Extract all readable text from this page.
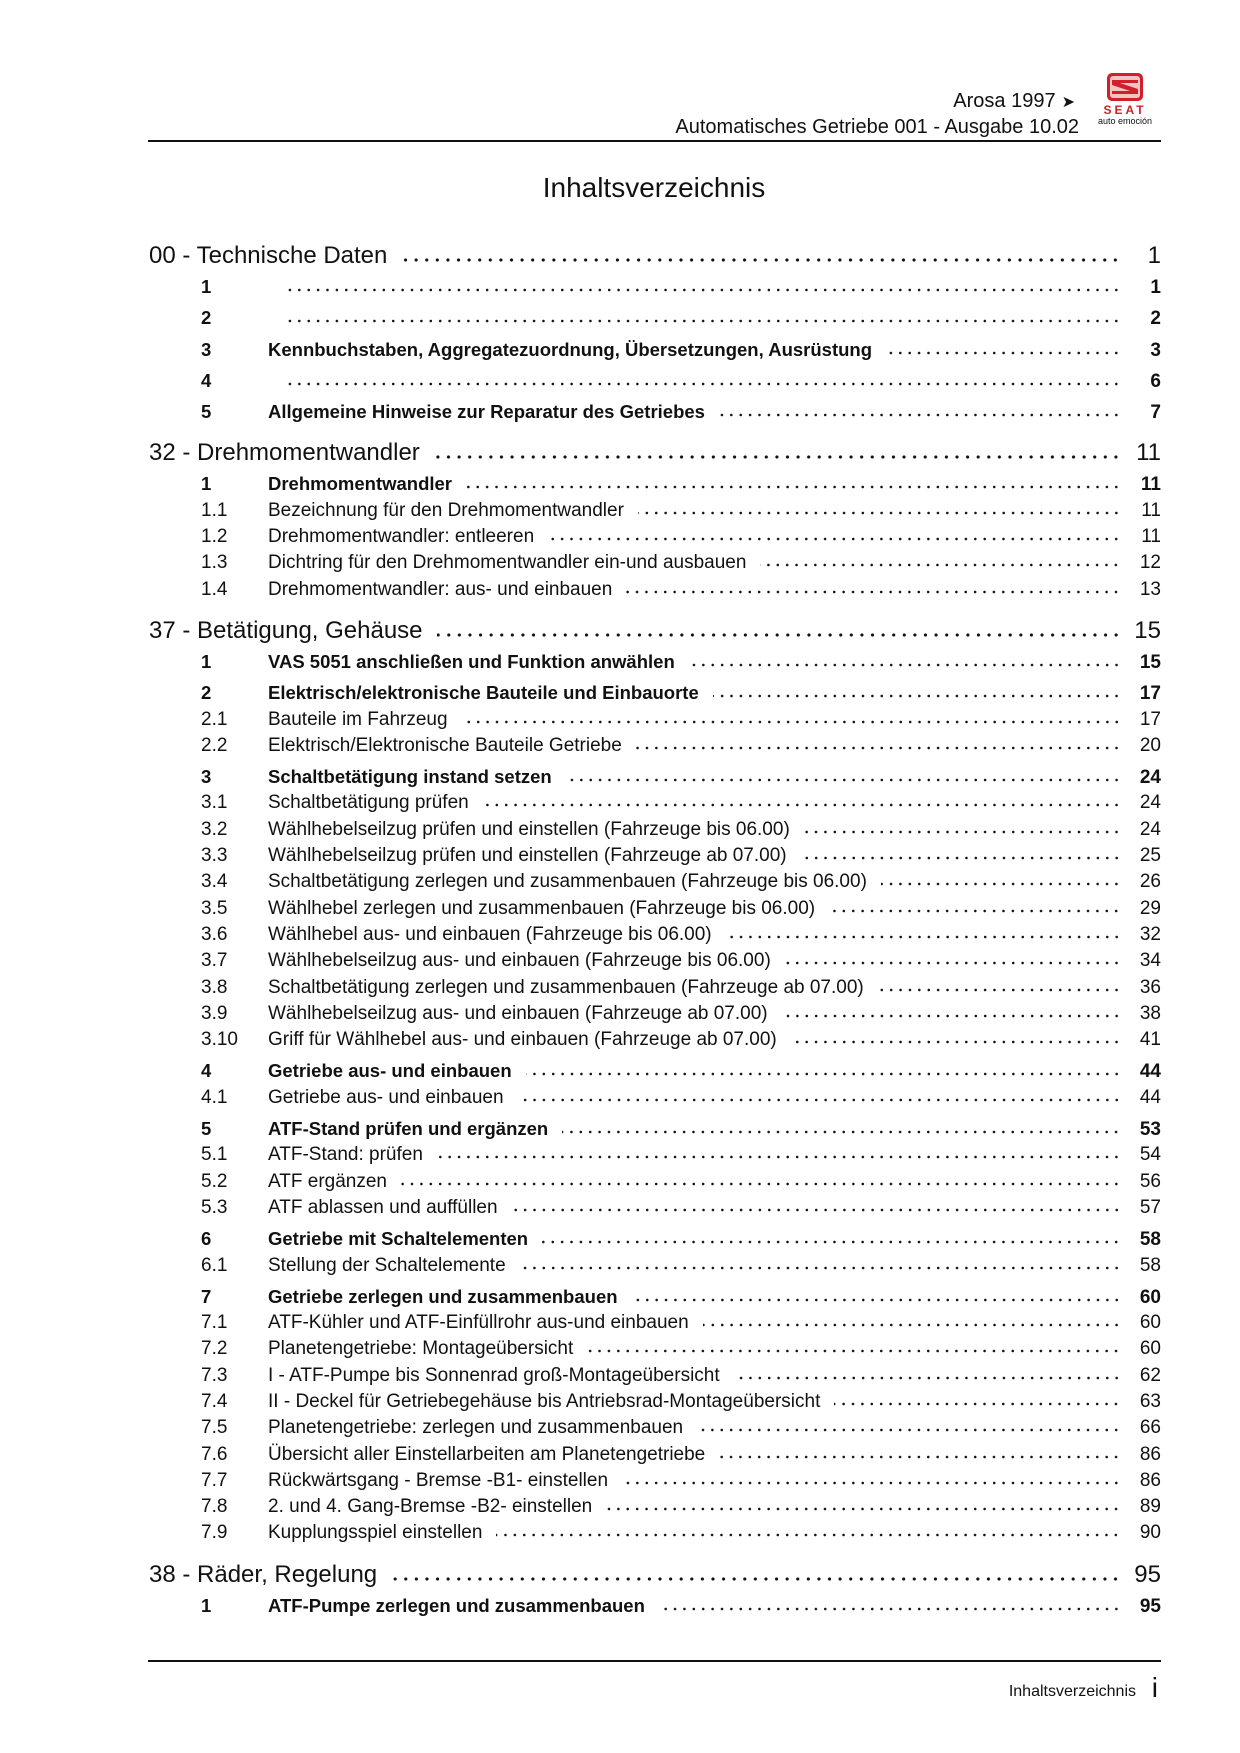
Arosa 1997 ➤
Automatisches Getriebe 001 - Ausgabe 10.02
SEAT
auto emoción
Inhaltsverzeichnis
00 - Technische Daten	1
1	1
2	2
3	Kennbuchstaben, Aggregatezuordnung, Übersetzungen, Ausrüstung	3
4	6
5	Allgemeine Hinweise zur Reparatur des Getriebes	7
32 - Drehmomentwandler	11
1	Drehmomentwandler	11
1.1	Bezeichnung für den Drehmomentwandler	11
1.2	Drehmomentwandler: entleeren	11
1.3	Dichtring für den Drehmomentwandler ein-und ausbauen	12
1.4	Drehmomentwandler: aus- und einbauen	13
37 - Betätigung, Gehäuse	15
1	VAS 5051 anschließen und Funktion anwählen	15
2	Elektrisch/elektronische Bauteile und Einbauorte	17
2.1	Bauteile im Fahrzeug	17
2.2	Elektrisch/Elektronische Bauteile Getriebe	20
3	Schaltbetätigung instand setzen	24
3.1	Schaltbetätigung prüfen	24
3.2	Wählhebelseilzug prüfen und einstellen (Fahrzeuge bis 06.00)	24
3.3	Wählhebelseilzug prüfen und einstellen (Fahrzeuge ab 07.00)	25
3.4	Schaltbetätigung zerlegen und zusammenbauen (Fahrzeuge bis 06.00)	26
3.5	Wählhebel zerlegen und zusammenbauen (Fahrzeuge bis 06.00)	29
3.6	Wählhebel aus- und einbauen (Fahrzeuge bis 06.00)	32
3.7	Wählhebelseilzug aus- und einbauen (Fahrzeuge bis 06.00)	34
3.8	Schaltbetätigung zerlegen und zusammenbauen (Fahrzeuge ab 07.00)	36
3.9	Wählhebelseilzug aus- und einbauen (Fahrzeuge ab 07.00)	38
3.10	Griff für Wählhebel aus- und einbauen (Fahrzeuge ab 07.00)	41
4	Getriebe aus- und einbauen	44
4.1	Getriebe aus- und einbauen	44
5	ATF-Stand prüfen und ergänzen	53
5.1	ATF-Stand: prüfen	54
5.2	ATF ergänzen	56
5.3	ATF ablassen und auffüllen	57
6	Getriebe mit Schaltelementen	58
6.1	Stellung der Schaltelemente	58
7	Getriebe zerlegen und zusammenbauen	60
7.1	ATF-Kühler und ATF-Einfüllrohr aus-und einbauen	60
7.2	Planetengetriebe: Montageübersicht	60
7.3	I - ATF-Pumpe bis Sonnenrad groß-Montageübersicht	62
7.4	II - Deckel für Getriebegehäuse bis Antriebsrad-Montageübersicht	63
7.5	Planetengetriebe: zerlegen und zusammenbauen	66
7.6	Übersicht aller Einstellarbeiten am Planetengetriebe	86
7.7	Rückwärtsgang - Bremse -B1- einstellen	86
7.8	2. und 4. Gang-Bremse -B2- einstellen	89
7.9	Kupplungsspiel einstellen	90
38 - Räder, Regelung	95
1	ATF-Pumpe zerlegen und zusammenbauen	95
Inhaltsverzeichnis i
